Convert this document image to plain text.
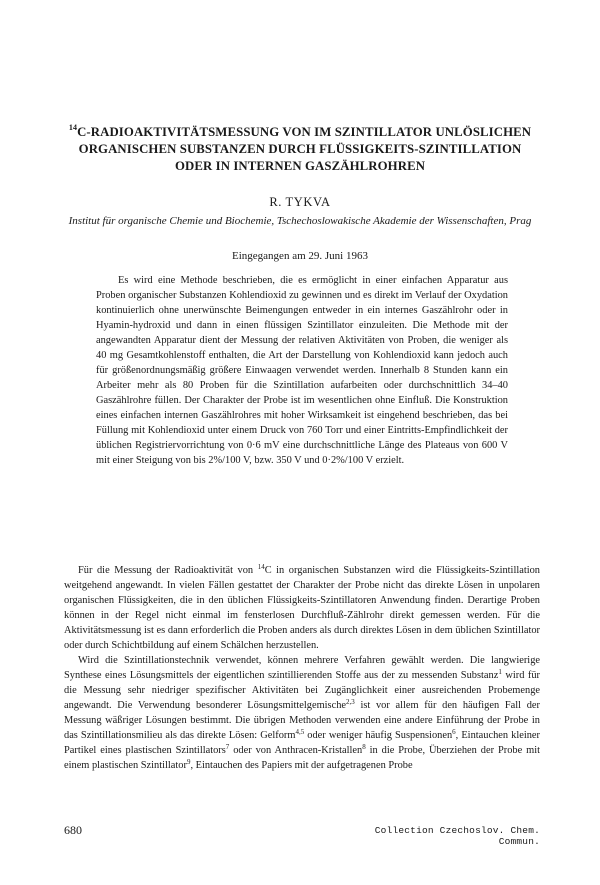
$^{14}$C-RADIOAKTIVITÄTSMESSUNG VON IM SZINTILLATOR UNLÖSLICHEN ORGANISCHEN SUBSTANZEN DURCH FLÜSSIGKEITS-SZINTILLATION ODER IN INTERNEN GASZÄHLROHREN
R. TYKVA
Institut für organische Chemie und Biochemie, Tschechoslowakische Akademie der Wissenschaften, Prag
Eingegangen am 29. Juni 1963

Es wird eine Methode beschrieben, die es ermöglicht in einer einfachen Apparatur aus Proben organischer Substanzen Kohlendioxid zu gewinnen und es direkt im Verlauf der Oxydation kontinuierlich ohne unerwünschte Beimengungen entweder in ein internes Gaszählrohr oder in Hyamin-hydroxid und dann in einen flüssigen Szintillator einzuleiten. Die Methode mit der angewandten Apparatur dient der Messung der relativen Aktivitäten von Proben, die weniger als 40 mg Gesamtkohlenstoff enthalten, die Art der Darstellung von Kohlendioxid kann jedoch auch für größenordnungsmäßig größere Einwaagen verwendet werden. Innerhalb 8 Stunden kann ein Arbeiter mehr als 80 Proben für die Szintillation aufarbeiten oder durchschnittlich 34–40 Gaszählrohre füllen. Der Charakter der Probe ist im wesentlichen ohne Einfluß. Die Konstruktion eines einfachen internen Gaszählrohres mit hoher Wirksamkeit ist eingehend beschrieben, das bei Füllung mit Kohlendioxid unter einem Druck von 760 Torr und einer Eintritts-Empfindlichkeit der üblichen Registriervorrichtung von 0·6 mV eine durchschnittliche Länge des Plateaus von 600 V mit einer Steigung von bis 2%/100 V, bzw. 350 V und 0·2%/100 V erzielt.

Für die Messung der Radioaktivität von $^{14}$C in organischen Substanzen wird die Flüssigkeits-Szintillation weitgehend angewandt. In vielen Fällen gestattet der Charakter der Probe nicht das direkte Lösen in unpolaren organischen Flüssigkeiten, die in den üblichen Flüssigkeits-Szintillatoren Anwendung finden. Derartige Proben können in der Regel nicht einmal im fensterlosen Durchfluß-Zählrohr direkt gemessen werden. Für die Aktivitätsmessung ist es dann erforderlich die Proben anders als durch direktes Lösen in dem üblichen Szintillator oder durch Schichtbildung auf einem Schälchen herzustellen.

Wird die Szintillationstechnik verwendet, können mehrere Verfahren gewählt werden. Die langwierige Synthese eines Lösungsmittels der eigentlichen szintillierenden Stoffe aus der zu messenden Substanz$^1$ wird für die Messung sehr niedriger spezifischer Aktivitäten bei Zugänglichkeit einer ausreichenden Probemenge angewandt. Die Verwendung besonderer Lösungsmittelgemische$^{2,3}$ ist vor allem für den häufigen Fall der Messung wäßriger Lösungen bestimmt. Die übrigen Methoden verwenden eine andere Einführung der Probe in das Szintillationsmilieu als das direkte Lösen: Gelform$^{4,5}$ oder weniger häufig Suspensionen$^6$, Eintauchen kleiner Partikel eines plastischen Szintillators$^7$ oder von Anthracen-Kristallen$^8$ in die Probe, Überziehen der Probe mit einem plastischen Szintillator$^9$, Eintauchen des Papiers mit der aufgetragenen Probe

680	Collection Czechoslov. Chem. Commun.
